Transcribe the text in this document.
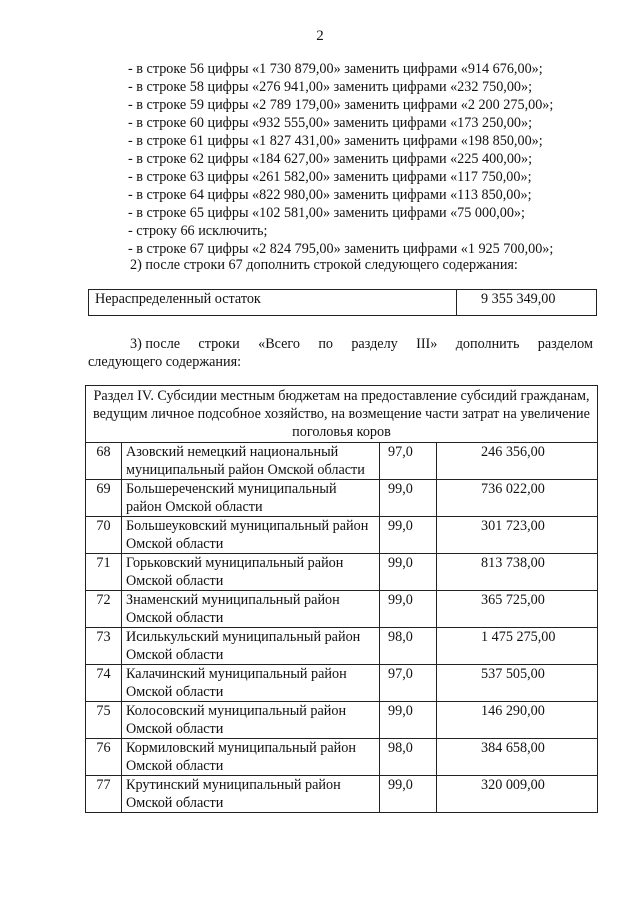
2
- в строке 56 цифры «1 730 879,00» заменить цифрами «914 676,00»;
- в строке 58 цифры «276 941,00» заменить цифрами «232 750,00»;
- в строке 59 цифры «2 789 179,00» заменить цифрами «2 200 275,00»;
- в строке 60 цифры «932 555,00» заменить цифрами «173 250,00»;
- в строке 61 цифры «1 827 431,00» заменить цифрами «198 850,00»;
- в строке 62 цифры «184 627,00» заменить цифрами «225 400,00»;
- в строке 63 цифры «261 582,00» заменить цифрами «117 750,00»;
- в строке 64 цифры «822 980,00» заменить цифрами «113 850,00»;
- в строке 65 цифры «102 581,00» заменить цифрами «75 000,00»;
- строку 66 исключить;
- в строке 67 цифры «2 824 795,00» заменить цифрами «1 925 700,00»;
2) после строки 67 дополнить строкой следующего содержания:
Нераспределенный остаток	9 355 349,00
3) после строки «Всего по разделу III» дополнить разделом
следующего содержания:
Раздел IV. Субсидии местным бюджетам на предоставление субсидий гражданам, ведущим личное подсобное хозяйство, на возмещение части затрат на увеличение поголовья коров			
68	Азовский немецкий национальный муниципальный район Омской области	97,0	246 356,00
69	Большереченский муниципальный район Омской области	99,0	736 022,00
70	Большеуковский муниципальный район Омской области	99,0	301 723,00
71	Горьковский муниципальный район Омской области	99,0	813 738,00
72	Знаменский муниципальный район Омской области	99,0	365 725,00
73	Исилькульский муниципальный район Омской области	98,0	1 475 275,00
74	Калачинский муниципальный район Омской области	97,0	537 505,00
75	Колосовский муниципальный район Омской области	99,0	146 290,00
76	Кормиловский муниципальный район Омской области	98,0	384 658,00
77	Крутинский муниципальный район Омской области	99,0	320 009,00
